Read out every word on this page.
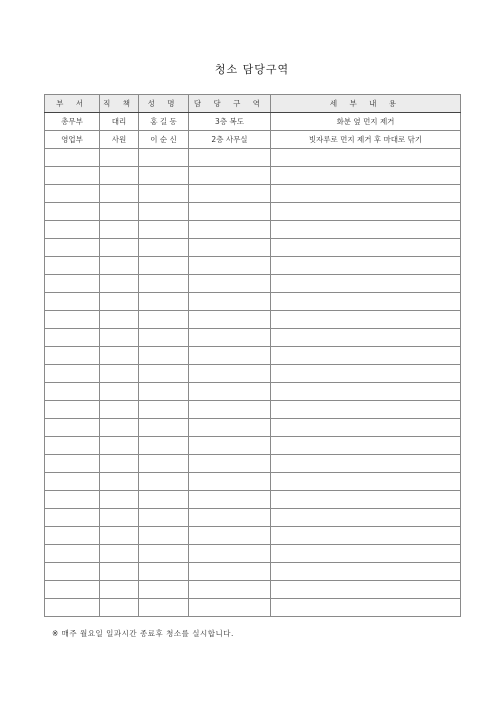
청소 담당구역
부 서	직 책	성 명	담 당 구 역	세 부 내 용
총무부	대리	홍 길 동	3층 복도	화분 옆 먼지 제거
영업부	사원	이 순 신	2층 사무실	빗자루로 먼지 제거 후 마대로 닦기

※ 매주 월요일 일과시간 종료후 청소를 실시합니다.
